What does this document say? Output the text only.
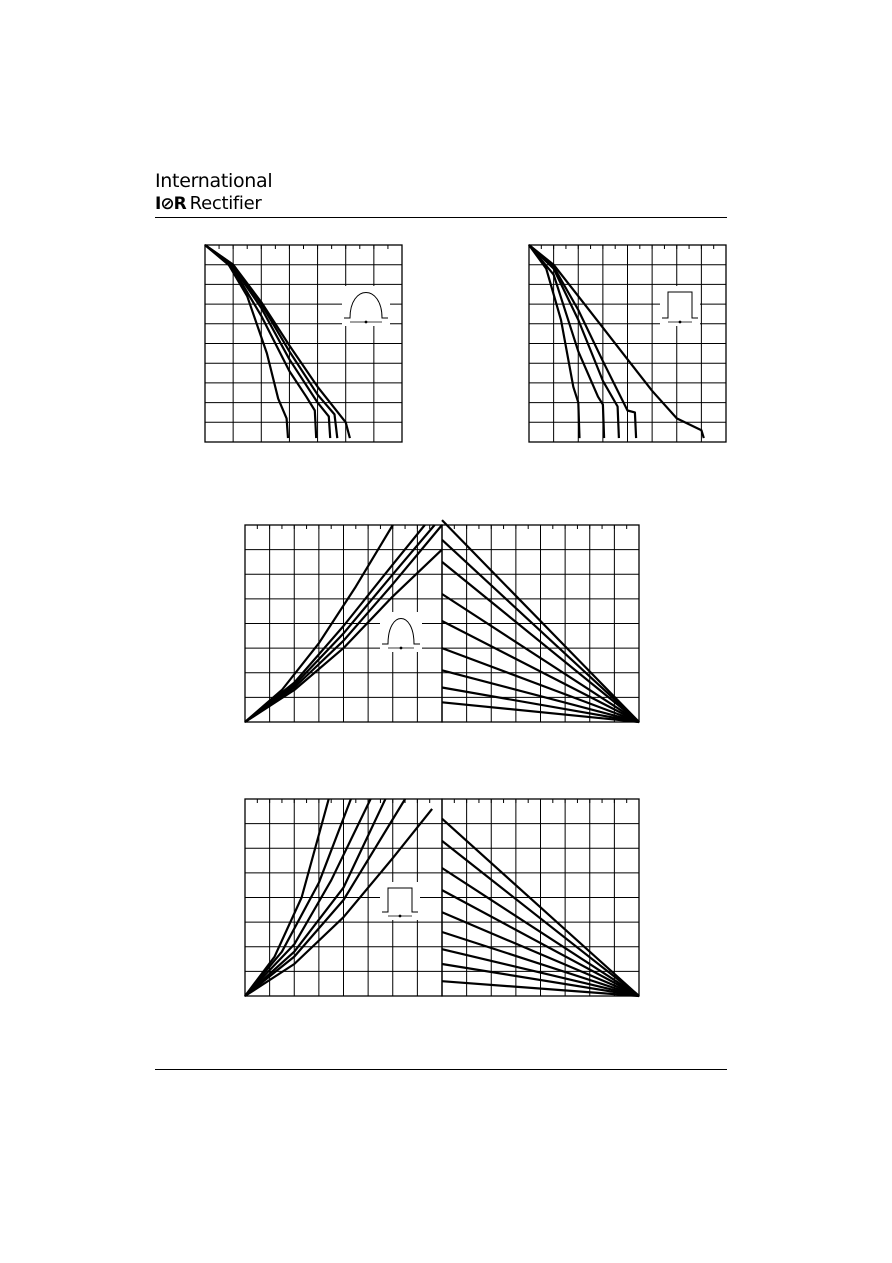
International
I⊘R Rectifier
